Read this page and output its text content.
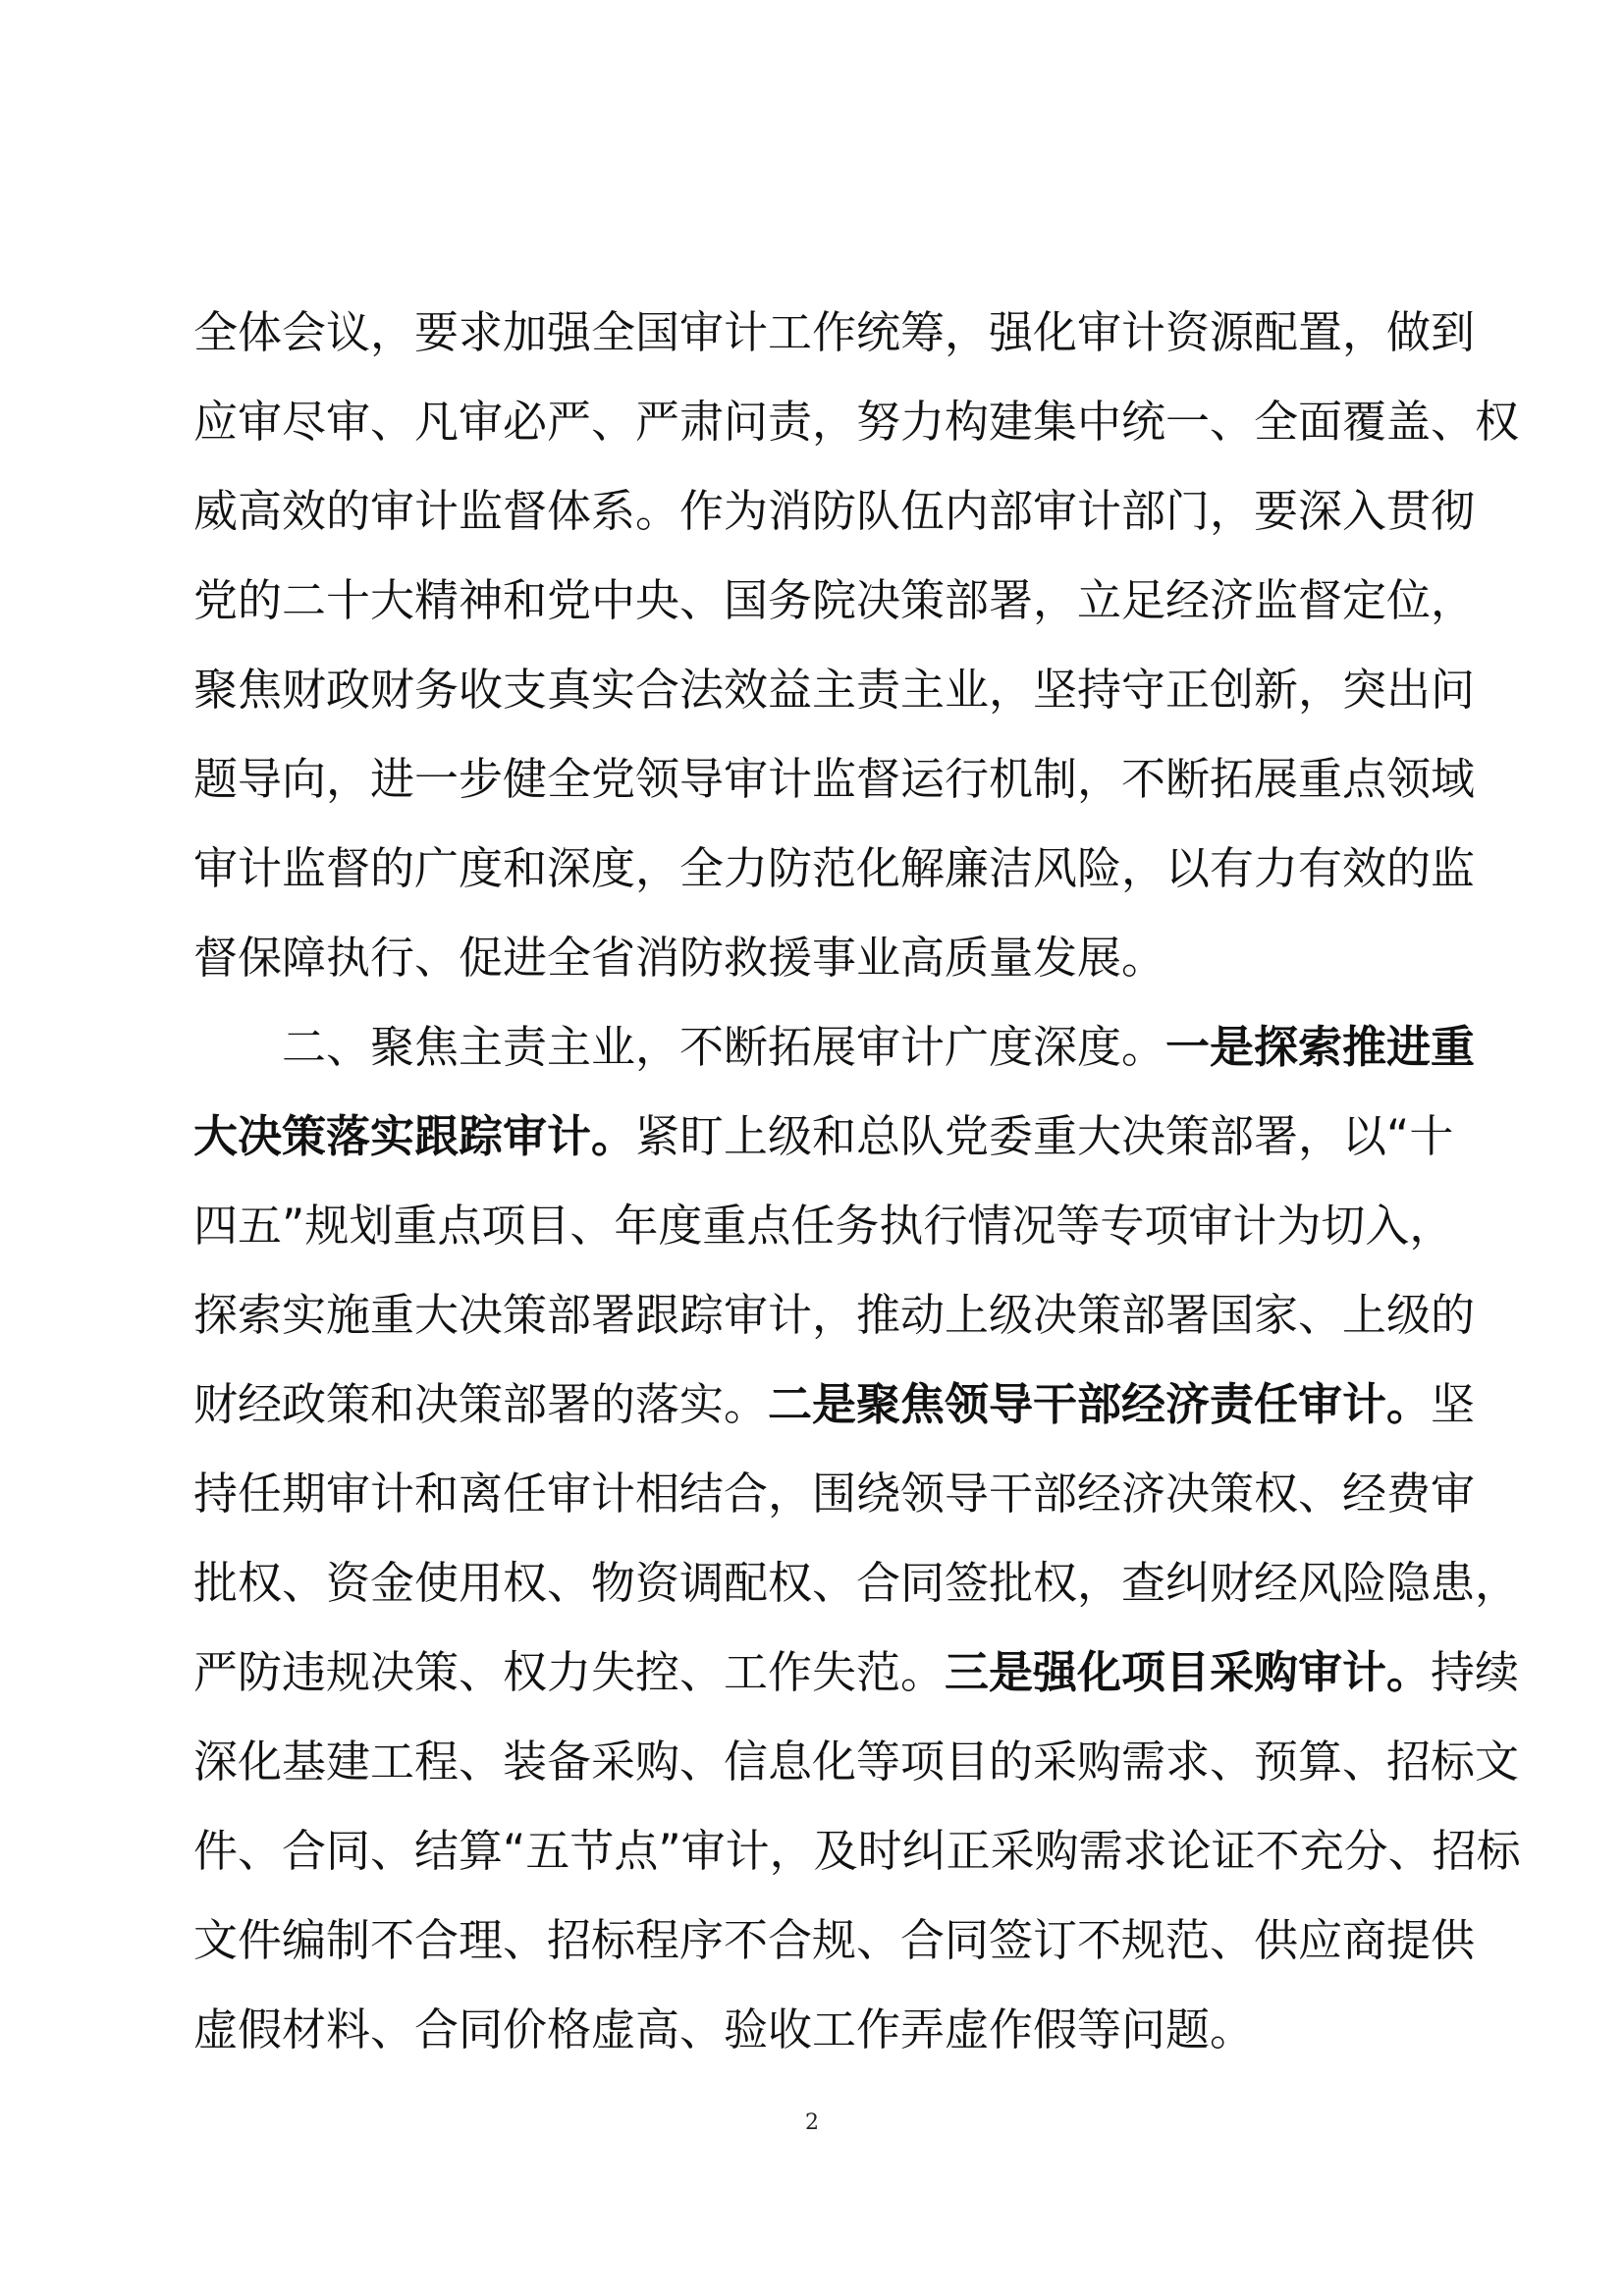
全体会议，要求加强全国审计工作统筹，强化审计资源配置，做到
应审尽审、凡审必严、严肃问责，努力构建集中统一、全面覆盖、权
威高效的审计监督体系。作为消防队伍内部审计部门，要深入贯彻
党的二十大精神和党中央、国务院决策部署，立足经济监督定位，
聚焦财政财务收支真实合法效益主责主业，坚持守正创新，突出问
题导向，进一步健全党领导审计监督运行机制，不断拓展重点领域
审计监督的广度和深度，全力防范化解廉洁风险，以有力有效的监
督保障执行、促进全省消防救援事业高质量发展。
二、聚焦主责主业，不断拓展审计广度深度。一是探索推进重
大决策落实跟踪审计。紧盯上级和总队党委重大决策部署，以“十
四五”规划重点项目、年度重点任务执行情况等专项审计为切入，
探索实施重大决策部署跟踪审计，推动上级决策部署国家、上级的
财经政策和决策部署的落实。二是聚焦领导干部经济责任审计。坚
持任期审计和离任审计相结合，围绕领导干部经济决策权、经费审
批权、资金使用权、物资调配权、合同签批权，查纠财经风险隐患，
严防违规决策、权力失控、工作失范。三是强化项目采购审计。持续
深化基建工程、装备采购、信息化等项目的采购需求、预算、招标文
件、合同、结算“五节点”审计，及时纠正采购需求论证不充分、招标
文件编制不合理、招标程序不合规、合同签订不规范、供应商提供
虚假材料、合同价格虚高、验收工作弄虚作假等问题。
2
